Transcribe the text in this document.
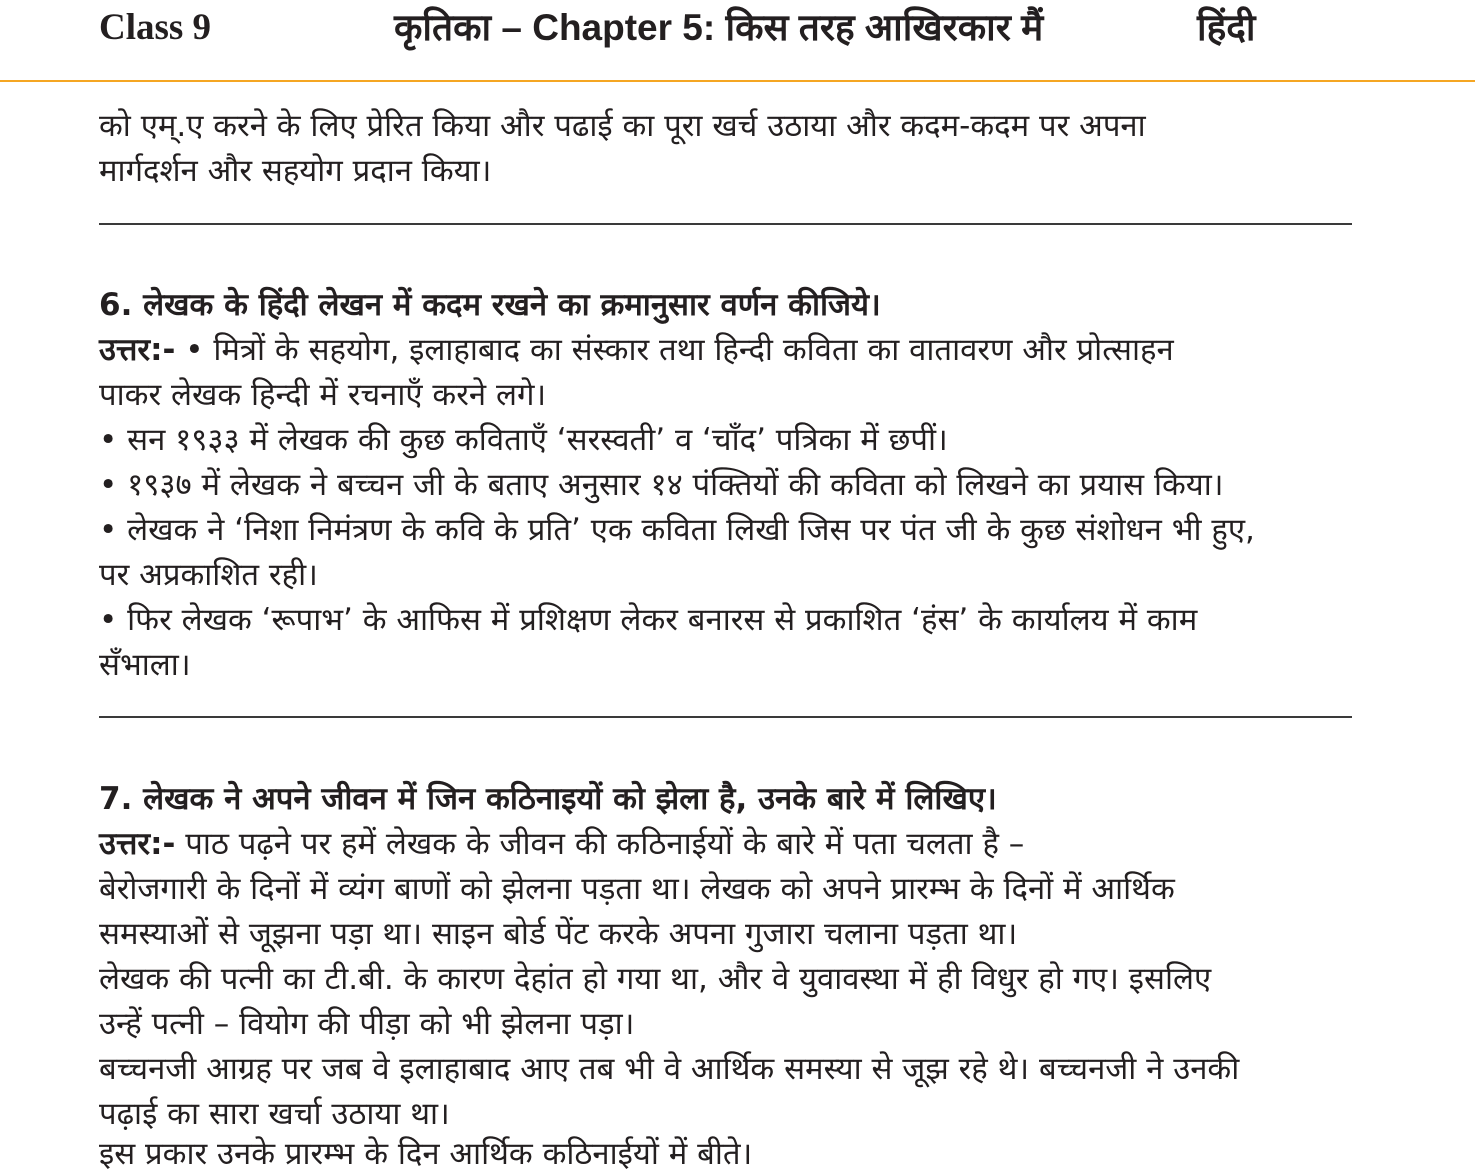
Class 9	कृतिका – Chapter 5: किस तरह आखिरकार मैं	हिंदी
को एम्.ए करने के लिए प्रेरित किया और पढाई का पूरा खर्च उठाया और कदम-कदम पर अपना
मार्गदर्शन और सहयोग प्रदान किया।
6. लेखक के हिंदी लेखन में कदम रखने का क्रमानुसार वर्णन कीजिये।
उत्तर:- • मित्रों के सहयोग, इलाहाबाद का संस्कार तथा हिन्दी कविता का वातावरण और प्रोत्साहन
पाकर लेखक हिन्दी में रचनाएँ करने लगे।
• सन १९३३ में लेखक की कुछ कविताएँ ‘सरस्वती’ व ‘चाँद’ पत्रिका में छपीं।
• १९३७ में लेखक ने बच्चन जी के बताए अनुसार १४ पंक्तियों की कविता को लिखने का प्रयास किया।
• लेखक ने ‘निशा निमंत्रण के कवि के प्रति’ एक कविता लिखी जिस पर पंत जी के कुछ संशोधन भी हुए,
पर अप्रकाशित रही।
• फिर लेखक ‘रूपाभ’ के आफिस में प्रशिक्षण लेकर बनारस से प्रकाशित ‘हंस’ के कार्यालय में काम
सँभाला।
7. लेखक ने अपने जीवन में जिन कठिनाइयों को झेला है, उनके बारे में लिखिए।
उत्तर:- पाठ पढ़ने पर हमें लेखक के जीवन की कठिनाईयों के बारे में पता चलता है –
बेरोजगारी के दिनों में व्यंग बाणों को झेलना पड़ता था। लेखक को अपने प्रारम्भ के दिनों में आर्थिक
समस्याओं से जूझना पड़ा था। साइन बोर्ड पेंट करके अपना गुजारा चलाना पड़ता था।
लेखक की पत्नी का टी.बी. के कारण देहांत हो गया था, और वे युवावस्था में ही विधुर हो गए। इसलिए
उन्हें पत्नी – वियोग की पीड़ा को भी झेलना पड़ा।
बच्चनजी आग्रह पर जब वे इलाहाबाद आए तब भी वे आर्थिक समस्या से जूझ रहे थे। बच्चनजी ने उनकी
पढ़ाई का सारा खर्चा उठाया था।
इस प्रकार उनके प्रारम्भ के दिन आर्थिक कठिनाईयों में बीते।
